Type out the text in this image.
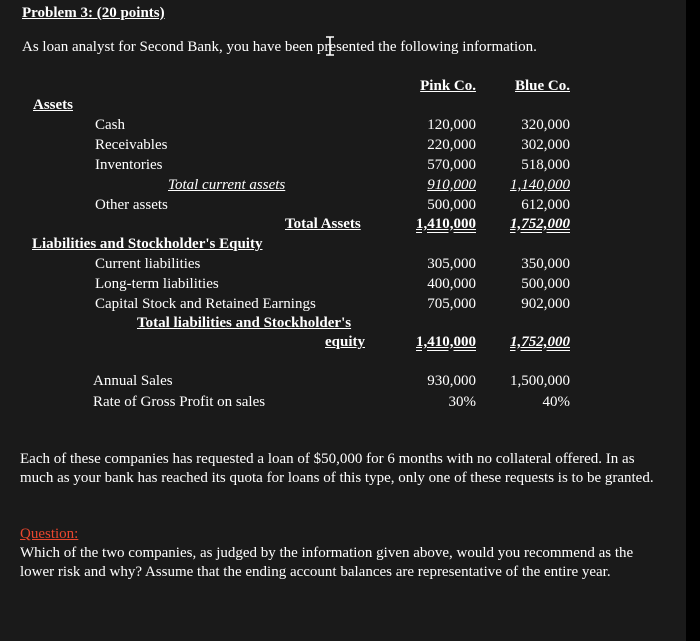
Problem 3: (20 points)
As loan analyst for Second Bank, you have been presented the following information.
Pink Co.	Blue Co.
Assets
Cash	120,000	320,000
Receivables	220,000	302,000
Inventories	570,000	518,000
Total current assets	910,000	1,140,000
Other assets	500,000	612,000
Total Assets	1,410,000	1,752,000
Liabilities and Stockholder's Equity
Current liabilities	305,000	350,000
Long-term liabilities	400,000	500,000
Capital Stock and Retained Earnings	705,000	902,000
Total liabilities and Stockholder's
equity	1,410,000	1,752,000
Annual Sales	930,000	1,500,000
Rate of Gross Profit on sales	30%	40%
Each of these companies has requested a loan of $50,000 for 6 months with no collateral offered. In as much as your bank has reached its quota for loans of this type, only one of these requests is to be granted.
Question:
Which of the two companies, as judged by the information given above, would you recommend as the lower risk and why? Assume that the ending account balances are representative of the entire year.
